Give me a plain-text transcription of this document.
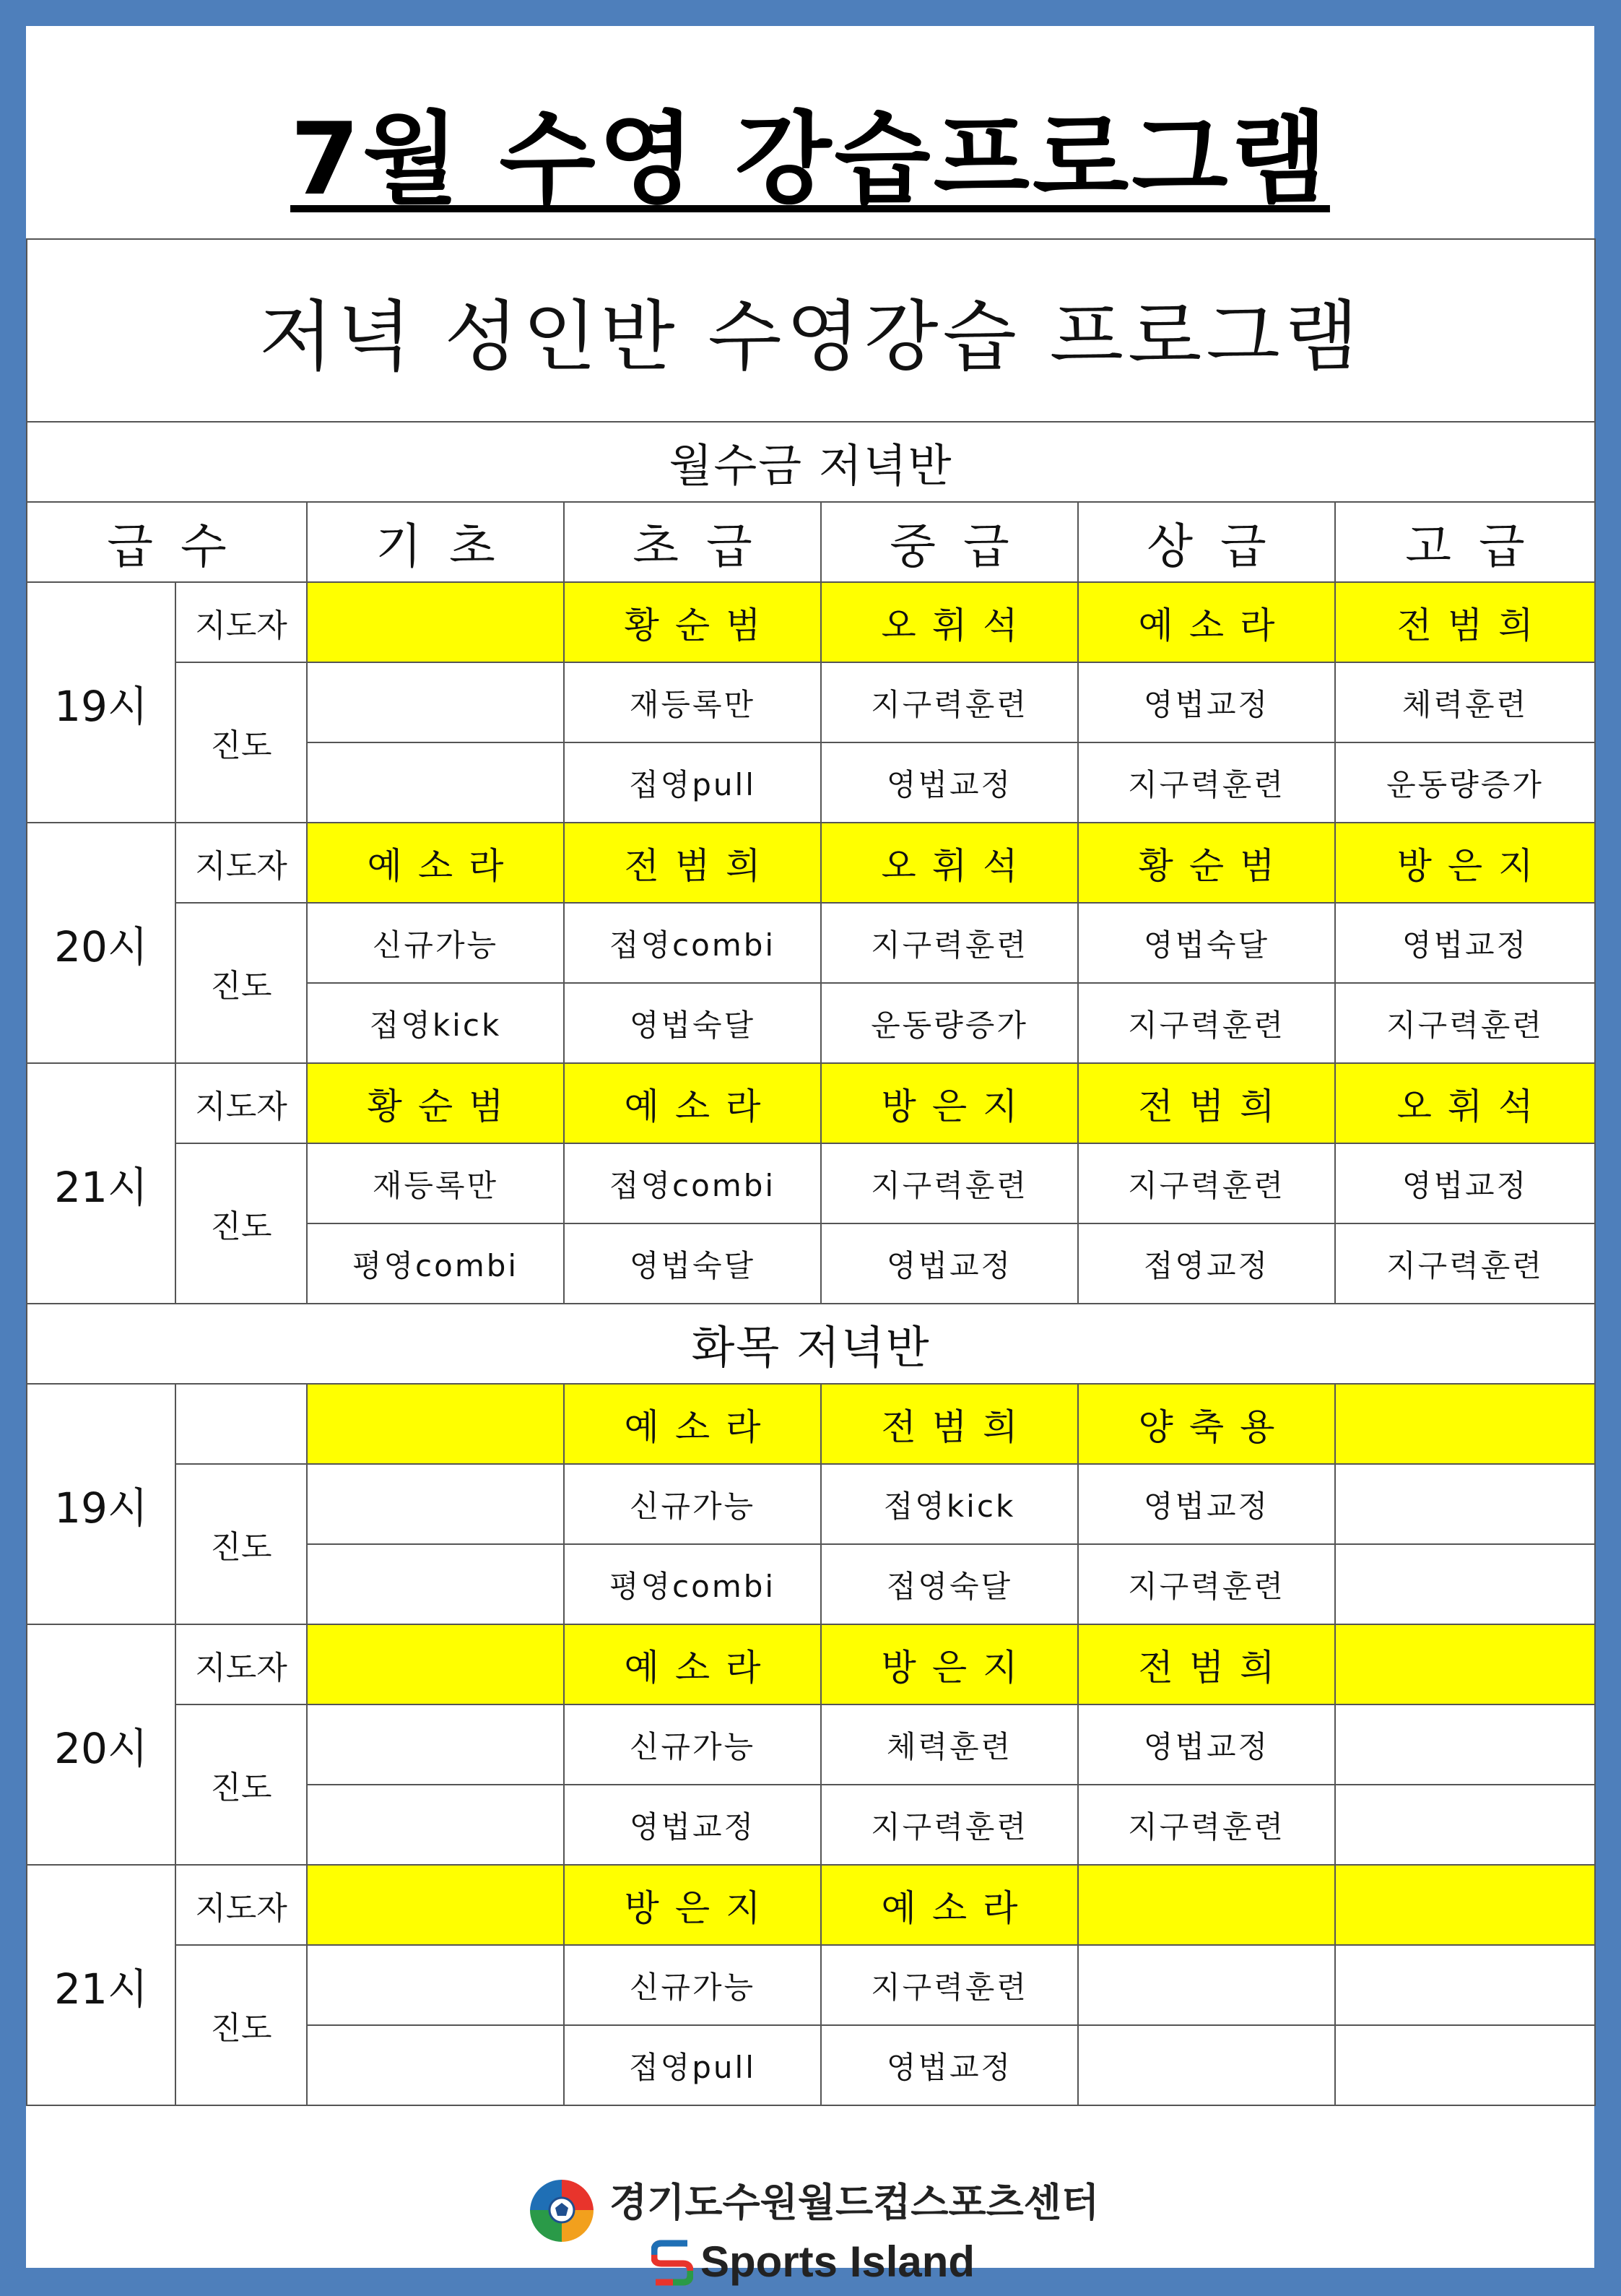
7월 수영 강습프로그램
저녁 성인반 수영강습 프로그램						
월수금 저녁반						
급수		기초	초급	중급	상급	고급
19시	지도자		황순범	오휘석	예소라	전범희
	진도		재등록만	지구력훈련	영법교정	체력훈련
			접영pull	영법교정	지구력훈련	운동량증가
20시	지도자	예소라	전범희	오휘석	황순범	방은지
	진도	신규가능	접영combi	지구력훈련	영법숙달	영법교정
		접영kick	영법숙달	운동량증가	지구력훈련	지구력훈련
21시	지도자	황순범	예소라	방은지	전범희	오휘석
	진도	재등록만	접영combi	지구력훈련	지구력훈련	영법교정
		평영combi	영법숙달	영법교정	접영교정	지구력훈련
화목 저녁반						
19시			예소라	전범희	양축용	
	진도		신규가능	접영kick	영법교정	
			평영combi	접영숙달	지구력훈련	
20시	지도자		예소라	방은지	전범희	
	진도		신규가능	체력훈련	영법교정	
			영법교정	지구력훈련	지구력훈련	
21시	지도자		방은지	예소라		
	진도		신규가능	지구력훈련		
			접영pull	영법교정		
경기도수원월드컵스포츠센터
Sports Island
